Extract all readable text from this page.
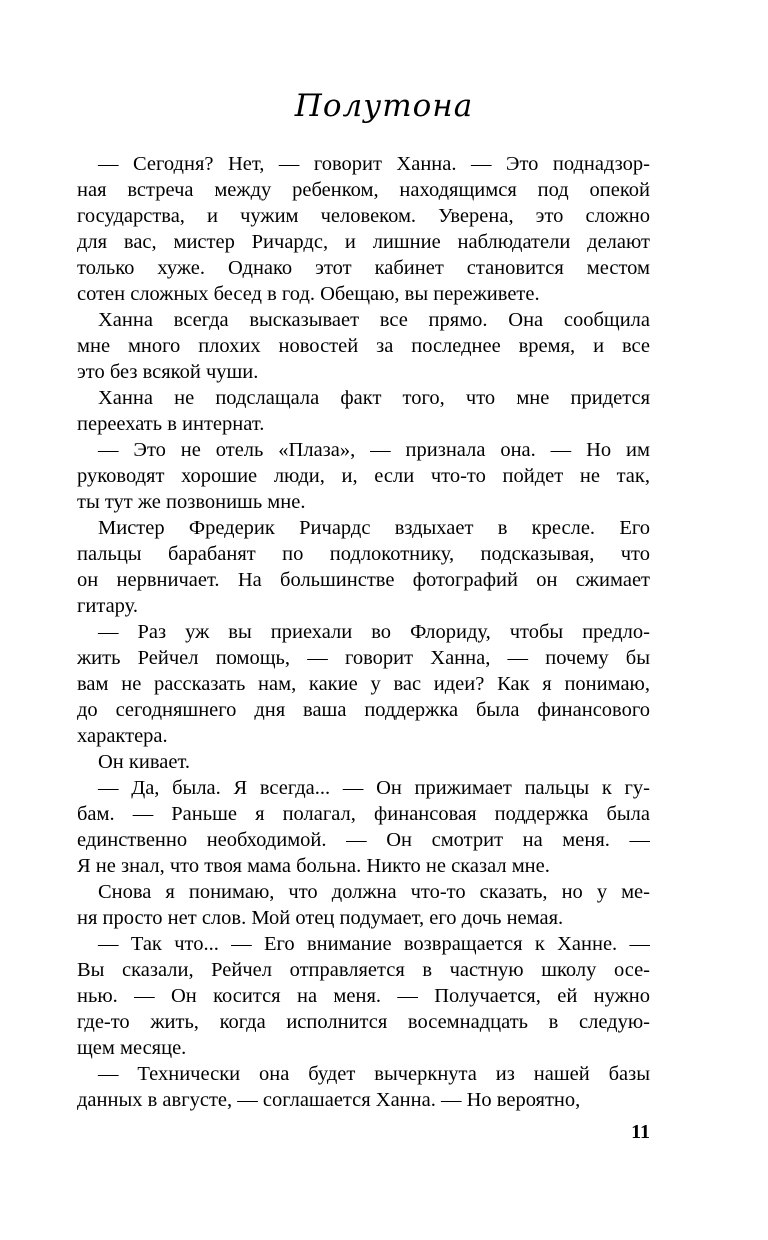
Полутона
— Сегодня? Нет, — говорит Ханна. — Это поднадзор-
ная встреча между ребенком, находящимся под опекой
государства, и чужим человеком. Уверена, это сложно
для вас, мистер Ричардс, и лишние наблюдатели делают
только хуже. Однако этот кабинет становится местом
сотен сложных бесед в год. Обещаю, вы переживете.
Ханна всегда высказывает все прямо. Она сообщила
мне много плохих новостей за последнее время, и все
это без всякой чуши.
Ханна не подслащала факт того, что мне придется
переехать в интернат.
— Это не отель «Плаза», — признала она. — Но им
руководят хорошие люди, и, если что-то пойдет не так,
ты тут же позвонишь мне.
Мистер Фредерик Ричардс вздыхает в кресле. Его
пальцы барабанят по подлокотнику, подсказывая, что
он нервничает. На большинстве фотографий он сжимает
гитару.
— Раз уж вы приехали во Флориду, чтобы предло-
жить Рейчел помощь, — говорит Ханна, — почему бы
вам не рассказать нам, какие у вас идеи? Как я понимаю,
до сегодняшнего дня ваша поддержка была финансового
характера.
Он кивает.
— Да, была. Я всегда... — Он прижимает пальцы к гу-
бам. — Раньше я полагал, финансовая поддержка была
единственно необходимой. — Он смотрит на меня. —
Я не знал, что твоя мама больна. Никто не сказал мне.
Снова я понимаю, что должна что-то сказать, но у ме-
ня просто нет слов. Мой отец подумает, его дочь немая.
— Так что... — Его внимание возвращается к Ханне. —
Вы сказали, Рейчел отправляется в частную школу осе-
нью. — Он косится на меня. — Получается, ей нужно
где-то жить, когда исполнится восемнадцать в следую-
щем месяце.
— Технически она будет вычеркнута из нашей базы
данных в августе, — соглашается Ханна. — Но вероятно,
11
